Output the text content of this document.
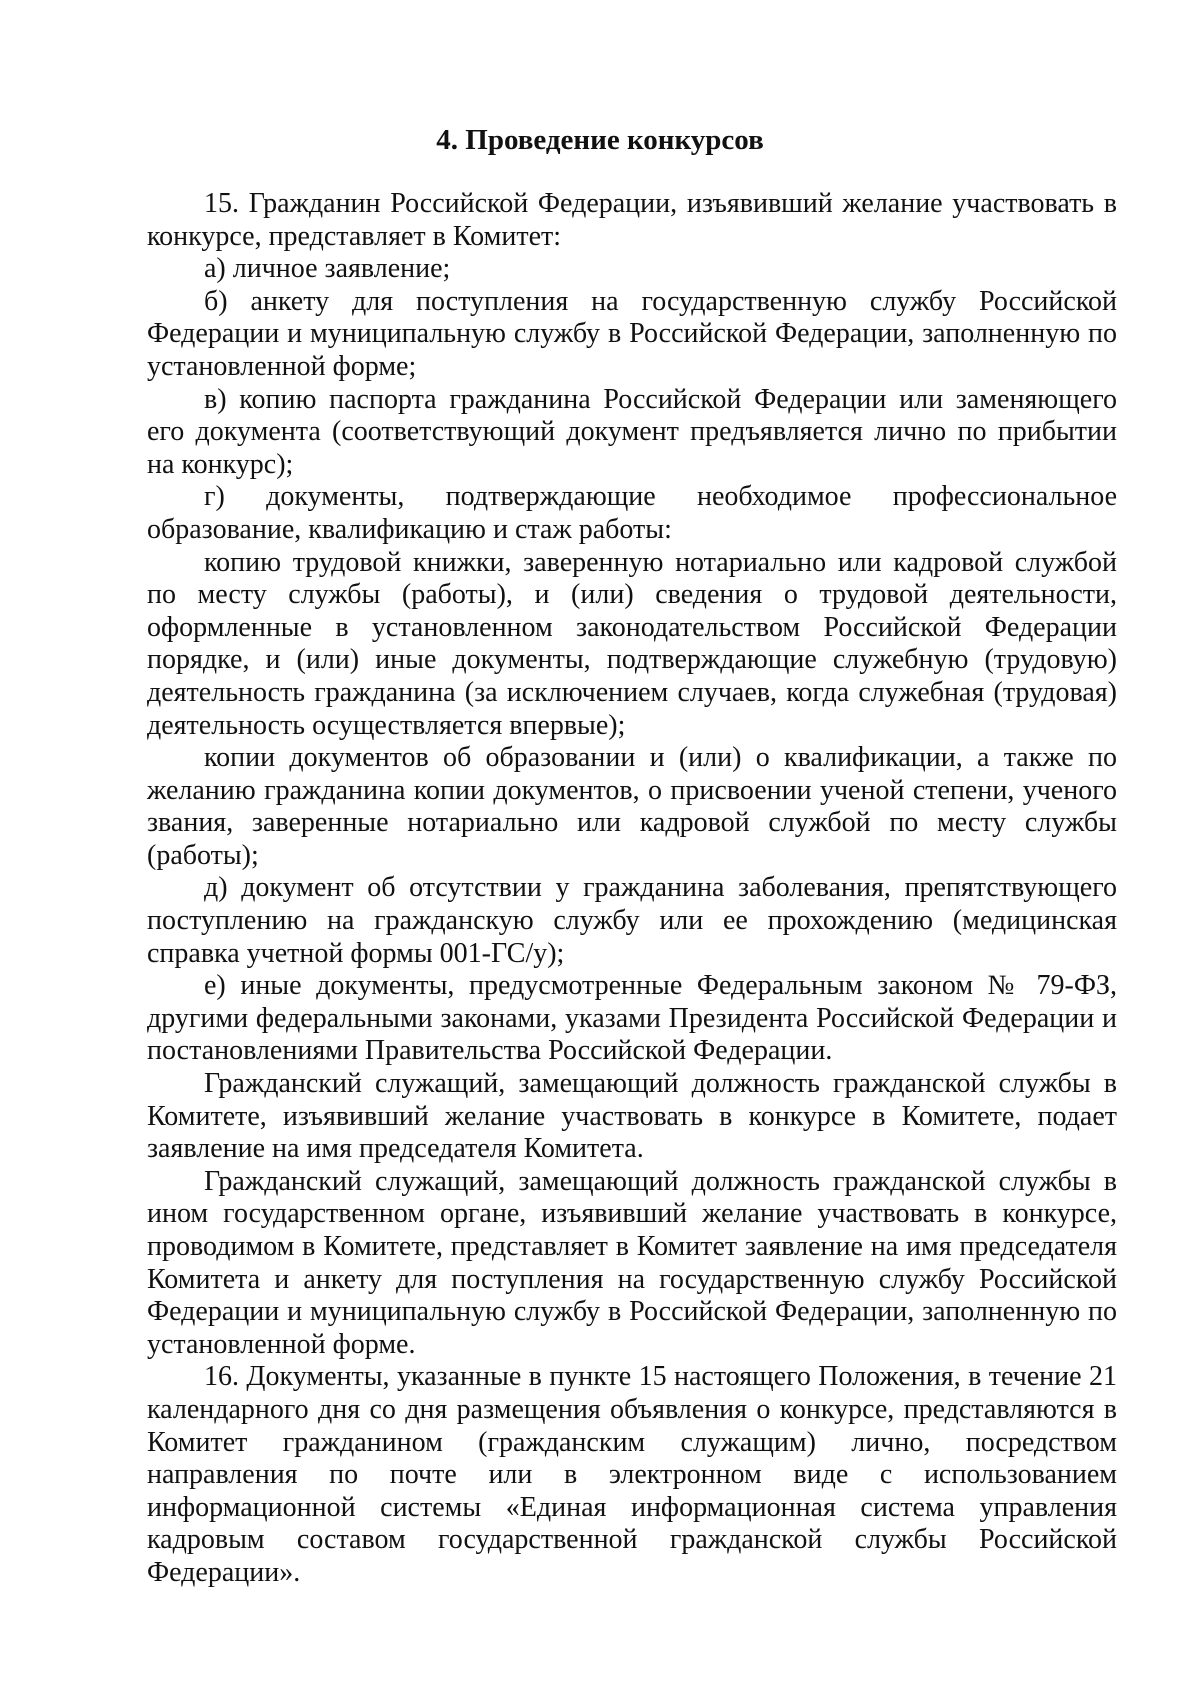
4. Проведение конкурсов

15. Гражданин Российской Федерации, изъявивший желание участвовать в конкурсе, представляет в Комитет:

а) личное заявление;

б) анкету для поступления на государственную службу Российской Федерации и муниципальную службу в Российской Федерации, заполненную по установленной форме;

в) копию паспорта гражданина Российской Федерации или заменяющего его документа (соответствующий документ предъявляется лично по прибытии на конкурс);

г) документы, подтверждающие необходимое профессиональное образование, квалификацию и стаж работы:

копию трудовой книжки, заверенную нотариально или кадровой службой по месту службы (работы), и (или) сведения о трудовой деятельности, оформленные в установленном законодательством Российской Федерации порядке, и (или) иные документы, подтверждающие служебную (трудовую) деятельность гражданина (за исключением случаев, когда служебная (трудовая) деятельность осуществляется впервые);

копии документов об образовании и (или) о квалификации, а также по желанию гражданина копии документов, о присвоении ученой степени, ученого звания, заверенные нотариально или кадровой службой по месту службы (работы);

д) документ об отсутствии у гражданина заболевания, препятствующего поступлению на гражданскую службу или ее прохождению (медицинская справка учетной формы 001-ГС/у);

е) иные документы, предусмотренные Федеральным законом № 79-ФЗ, другими федеральными законами, указами Президента Российской Федерации и постановлениями Правительства Российской Федерации.

Гражданский служащий, замещающий должность гражданской службы в Комитете, изъявивший желание участвовать в конкурсе в Комитете, подает заявление на имя председателя Комитета.

Гражданский служащий, замещающий должность гражданской службы в ином государственном органе, изъявивший желание участвовать в конкурсе, проводимом в Комитете, представляет в Комитет заявление на имя председателя Комитета и анкету для поступления на государственную службу Российской Федерации и муниципальную службу в Российской Федерации, заполненную по установленной форме.

16. Документы, указанные в пункте 15 настоящего Положения, в течение 21 календарного дня со дня размещения объявления о конкурсе, представляются в Комитет гражданином (гражданским служащим) лично, посредством направления по почте или в электронном виде с использованием информационной системы «Единая информационная система управления кадровым составом государственной гражданской службы Российской Федерации».
